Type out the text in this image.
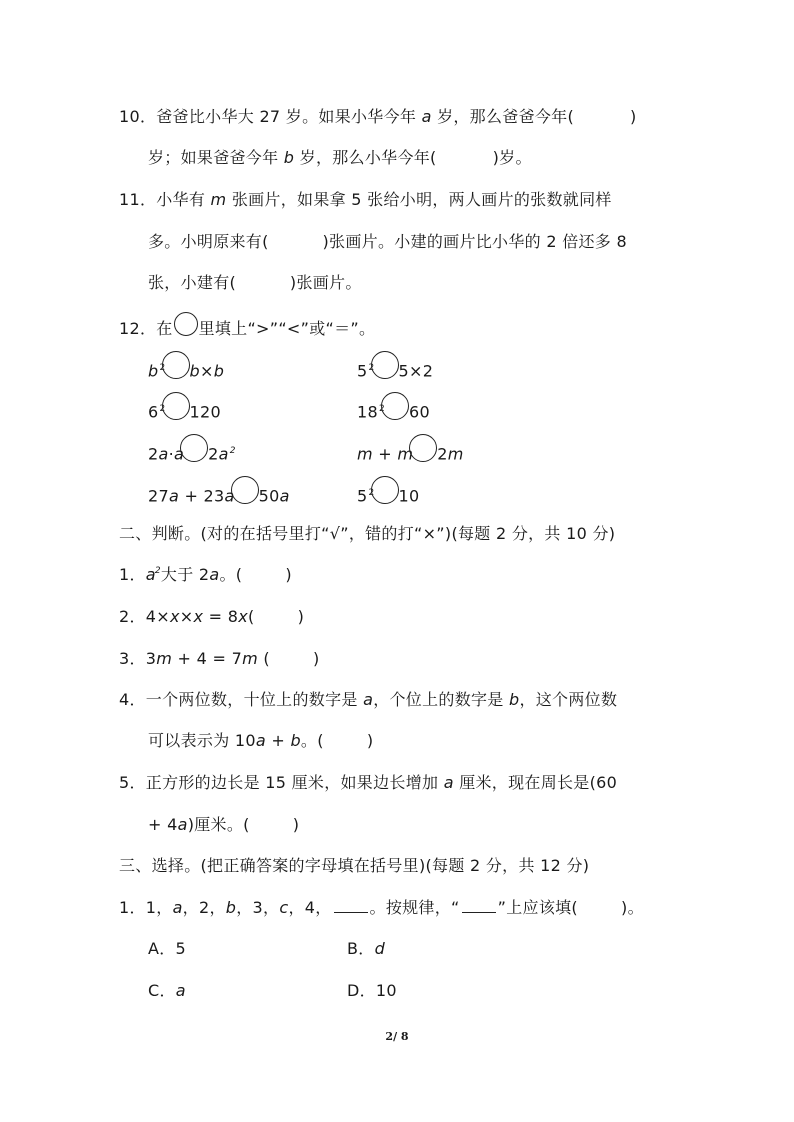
10．爸爸比小华大 27 岁。如果小华今年 a 岁，那么爸爸今年(	)
岁；如果爸爸今年 b 岁，那么小华今年(	)岁。
11．小华有 m 张画片，如果拿 5 张给小明，两人画片的张数就同样
多。小明原来有(          )张画片。小建的画片比小华的 2 倍还多 8
张，小建有(          )张画片。
12．在 里填上“>”“<”或“＝”。
$b^2$ b×b	$5^2$ 5×2
$6^2$ 120	$18^2$ 60
2a·a $2a^2$	m + m 2m
27a + 23a 50a	$5^2$ 10
二、判断。(对的在括号里打“√”，错的打“×”)(每题 2 分，共 10 分)
1．$a^2$大于 2a。(        )
2．4×x×x = 8x(        )
3．3m + 4 = 7m (        )
4．一个两位数，十位上的数字是 a，个位上的数字是 b，这个两位数
可以表示为 10a + b。(        )
5．正方形的边长是 15 厘米，如果边长增加 a 厘米，现在周长是(60
+ 4a)厘米。(        )
三、选择。(把正确答案的字母填在括号里)(每题 2 分，共 12 分)
1．1，a，2，b，3，c，4， 。按规律，“ ”上应该填(        )。
A．5	B．d
C．a	D．10
2/ 8
